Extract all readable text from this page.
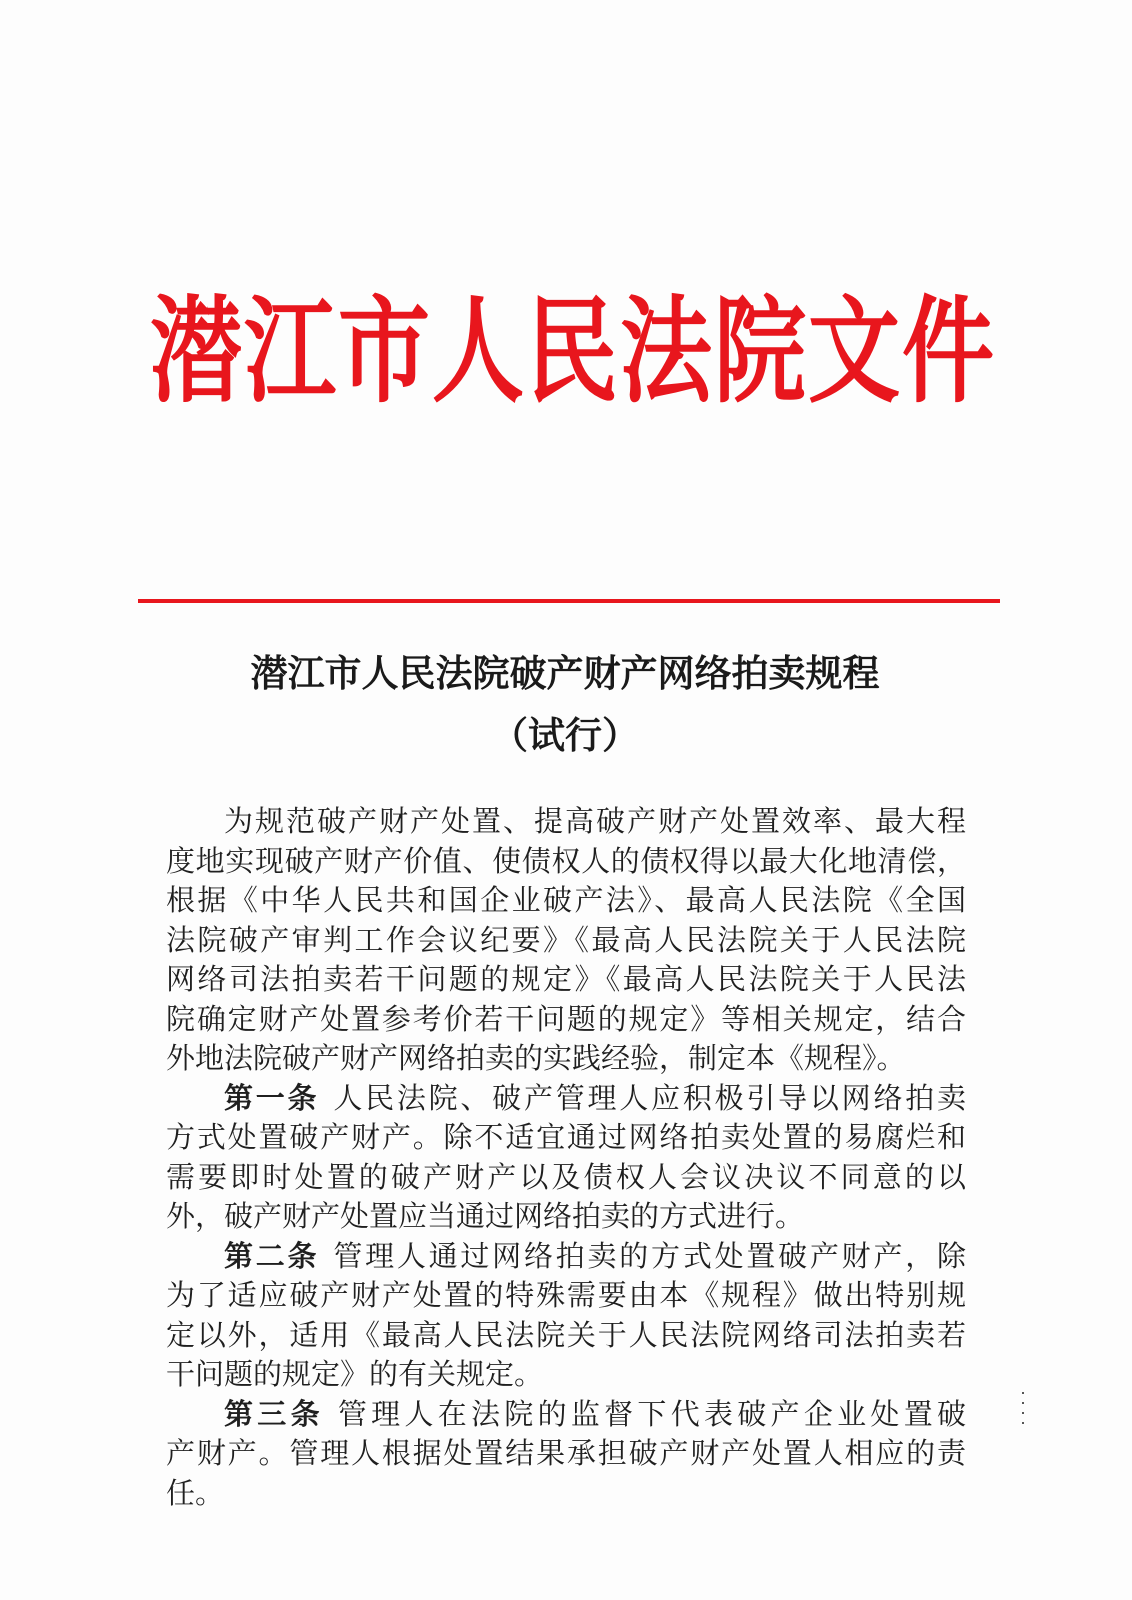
潜江市人民法院文件
潜江市人民法院破产财产网络拍卖规程
（试行）
为规范破产财产处置、提高破产财产处置效率、最大程
度地实现破产财产价值、使债权人的债权得以最大化地清偿，
根据《中华人民共和国企业破产法》、最高人民法院《全国
法院破产审判工作会议纪要》《最高人民法院关于人民法院
网络司法拍卖若干问题的规定》《最高人民法院关于人民法
院确定财产处置参考价若干问题的规定》等相关规定，结合
外地法院破产财产网络拍卖的实践经验，制定本《规程》。
第一条 人民法院、破产管理人应积极引导以网络拍卖
方式处置破产财产。除不适宜通过网络拍卖处置的易腐烂和
需要即时处置的破产财产以及债权人会议决议不同意的以
外，破产财产处置应当通过网络拍卖的方式进行。
第二条 管理人通过网络拍卖的方式处置破产财产，除
为了适应破产财产处置的特殊需要由本《规程》做出特别规
定以外，适用《最高人民法院关于人民法院网络司法拍卖若
干问题的规定》的有关规定。
第三条 管理人在法院的监督下代表破产企业处置破
产财产。管理人根据处置结果承担破产财产处置人相应的责
任。
